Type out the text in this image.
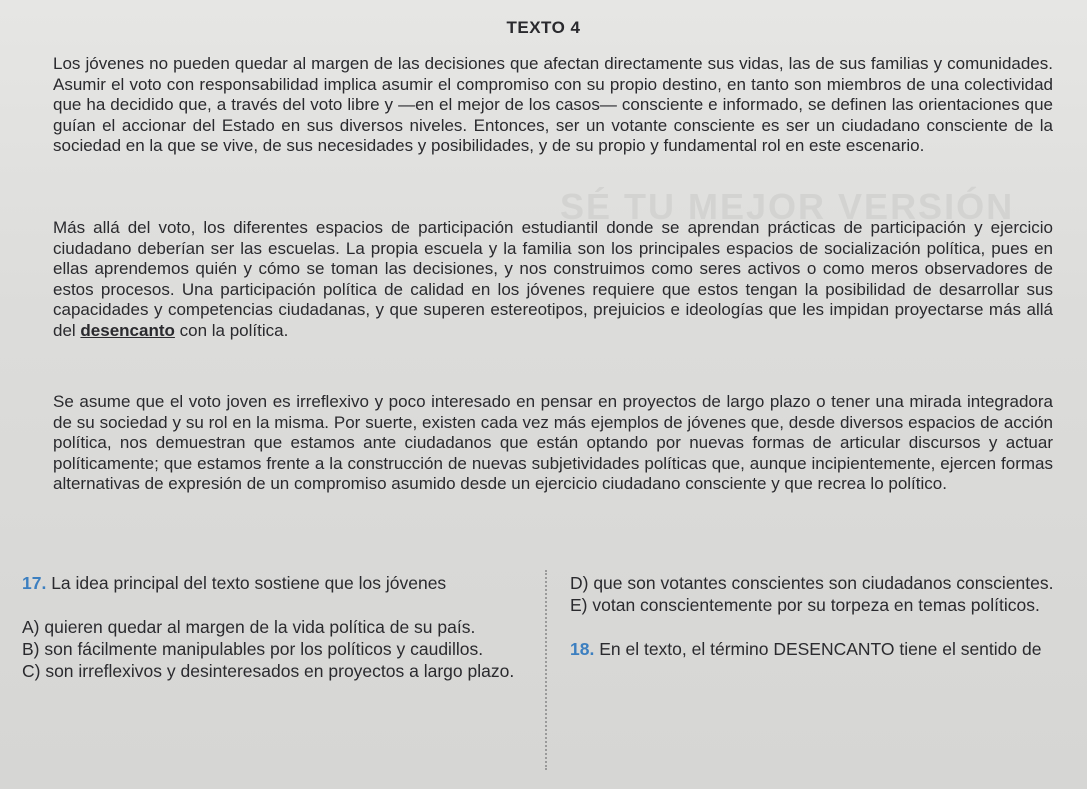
SÉ TU MEJOR VERSIÓN
TEXTO 4
Los jóvenes no pueden quedar al margen de las decisiones que afectan directamente sus vidas, las de sus familias y comunidades. Asumir el voto con responsabilidad implica asumir el compromiso con su propio destino, en tanto son miembros de una colectividad que ha decidido que, a través del voto libre y —en el mejor de los casos— consciente e informado, se definen las orientaciones que guían el accionar del Estado en sus diversos niveles. Entonces, ser un votante consciente es ser un ciudadano consciente de la sociedad en la que se vive, de sus necesidades y posibilidades, y de su propio y fundamental rol en este escenario.
Más allá del voto, los diferentes espacios de participación estudiantil donde se aprendan prácticas de participación y ejercicio ciudadano deberían ser las escuelas. La propia escuela y la familia son los principales espacios de socialización política, pues en ellas aprendemos quién y cómo se toman las decisiones, y nos construimos como seres activos o como meros observadores de estos procesos. Una participación política de calidad en los jóvenes requiere que estos tengan la posibilidad de desarrollar sus capacidades y competencias ciudadanas, y que superen estereotipos, prejuicios e ideologías que les impidan proyectarse más allá del desencanto con la política.
Se asume que el voto joven es irreflexivo y poco interesado en pensar en proyectos de largo plazo o tener una mirada integradora de su sociedad y su rol en la misma. Por suerte, existen cada vez más ejemplos de jóvenes que, desde diversos espacios de acción política, nos demuestran que estamos ante ciudadanos que están optando por nuevas formas de articular discursos y actuar políticamente; que estamos frente a la construcción de nuevas subjetividades políticas que, aunque incipientemente, ejercen formas alternativas de expresión de un compromiso asumido desde un ejercicio ciudadano consciente y que recrea lo político.

17. La idea principal del texto sostiene que los jóvenes

A) quieren quedar al margen de la vida política de su país.

B) son fácilmente manipulables por los políticos y caudillos.

C) son irreflexivos y desinteresados en proyectos a largo plazo.

D) que son votantes conscientes son ciudadanos conscientes.

E) votan conscientemente por su torpeza en temas políticos.

18. En el texto, el término DESENCANTO tiene el sentido de
